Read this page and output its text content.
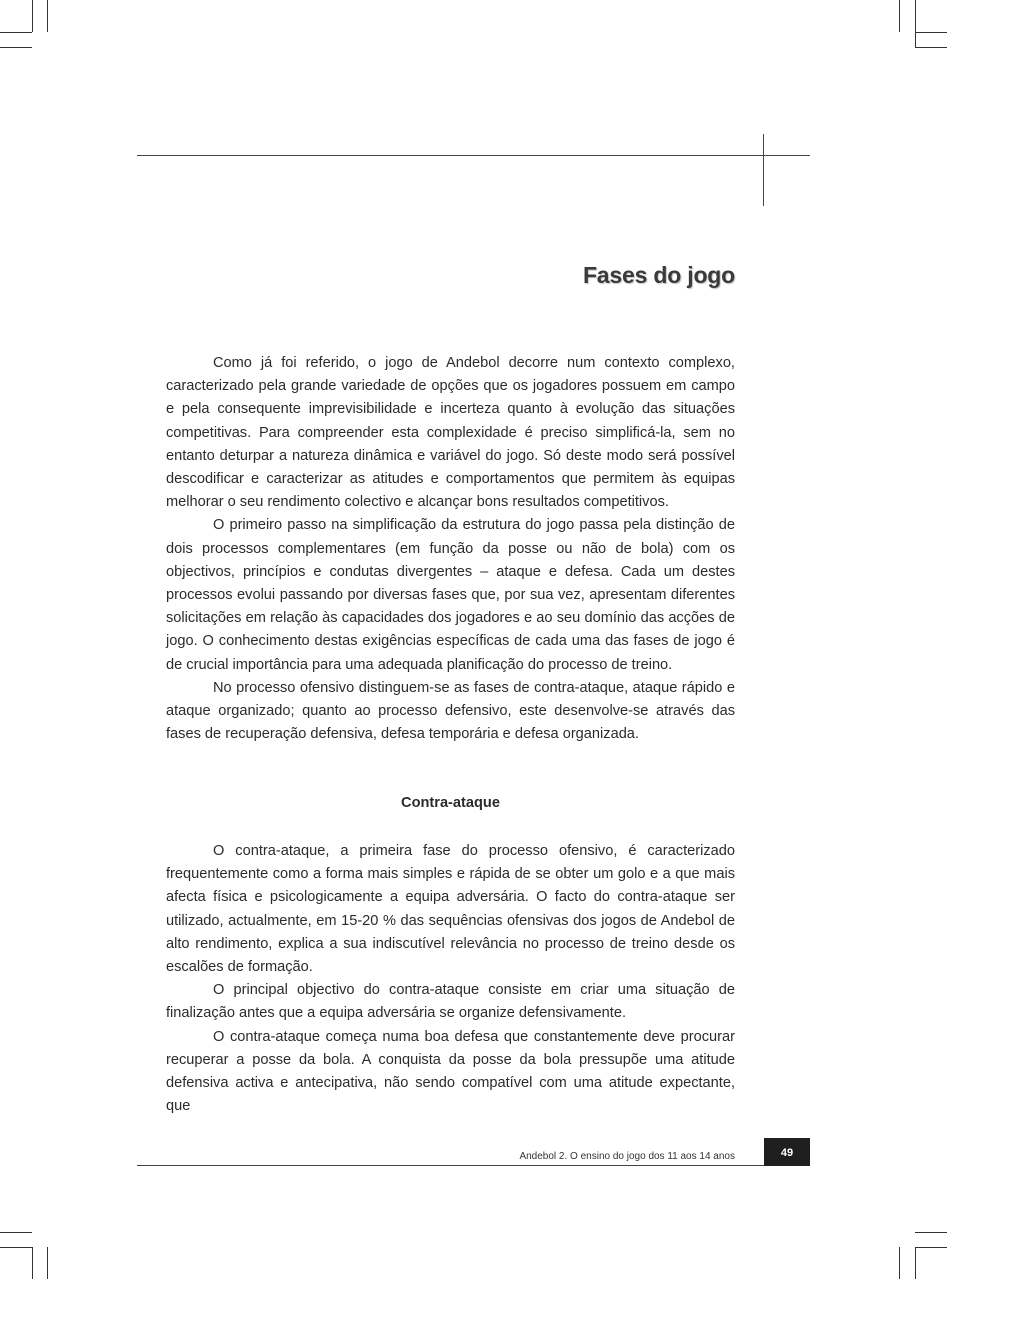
Fases do jogo

Como já foi referido, o jogo de Andebol decorre num contexto complexo, caracterizado pela grande variedade de opções que os jogadores possuem em campo e pela consequente imprevisibilidade e incerteza quanto à evolução das situações competitivas. Para compreender esta complexidade é preciso simplificá-la, sem no entanto deturpar a natureza dinâmica e variável do jogo. Só deste modo será possível descodificar e caracterizar as atitudes e comportamentos que permitem às equipas melhorar o seu rendimento colectivo e alcançar bons resultados competitivos.

O primeiro passo na simplificação da estrutura do jogo passa pela distinção de dois processos complementares (em função da posse ou não de bola) com os objectivos, princípios e condutas divergentes – ataque e defesa. Cada um destes processos evolui passando por diversas fases que, por sua vez, apresentam diferentes solicitações em relação às capacidades dos jogadores e ao seu domínio das acções de jogo. O conhecimento destas exigências específicas de cada uma das fases de jogo é de crucial importância para uma adequada planificação do processo de treino.

No processo ofensivo distinguem-se as fases de contra-ataque, ataque rápido e ataque organizado; quanto ao processo defensivo, este desenvolve-se através das fases de recuperação defensiva, defesa temporária e defesa organizada.

Contra-ataque

O contra-ataque, a primeira fase do processo ofensivo, é caracterizado frequentemente como a forma mais simples e rápida de se obter um golo e a que mais afecta física e psicologicamente a equipa adversária. O facto do contra-ataque ser utilizado, actualmente, em 15-20 % das sequências ofensivas dos jogos de Andebol de alto rendimento, explica a sua indiscutível relevância no processo de treino desde os escalões de formação.

O principal objectivo do contra-ataque consiste em criar uma situação de finalização antes que a equipa adversária se organize defensivamente.

O contra-ataque começa numa boa defesa que constantemente deve procurar recuperar a posse da bola. A conquista da posse da bola pressupõe uma atitude defensiva activa e antecipativa, não sendo compatível com uma atitude expectante, que

Andebol 2. O ensino do jogo dos 11 aos 14 anos	49
